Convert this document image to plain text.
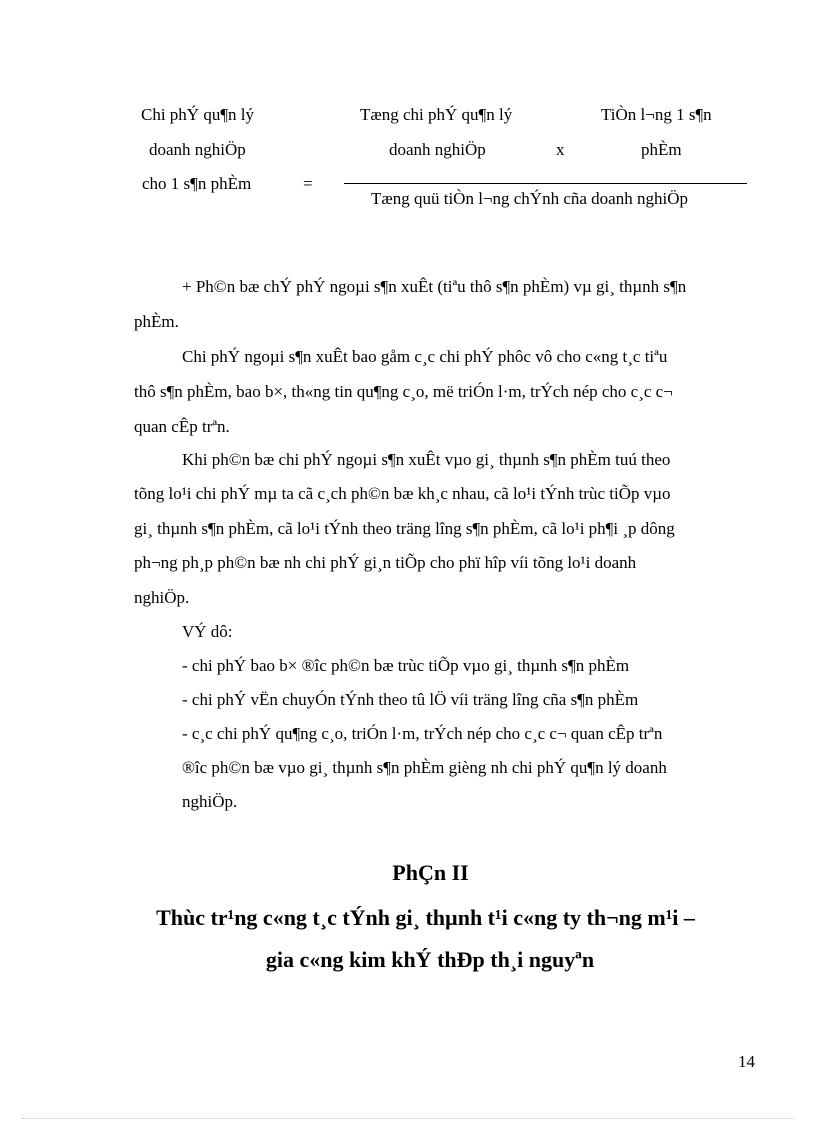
Chi phÝ qu¶n lý
doanh nghiÖp
cho 1 s¶n phÈm	=
Tæng chi phÝ qu¶n lý
doanh nghiÖp	x
TiÒn l¬ng 1 s¶n
phÈm
Tæng quü tiÒn l¬ng chÝnh cña doanh nghiÖp
+ Ph©n bæ chÝ phÝ ngoµi s¶n xuÊt (tiªu thô s¶n phÈm) vµ gi¸ thµnh s¶n
phÈm.
Chi phÝ ngoµi s¶n xuÊt bao gåm c¸c chi phÝ phôc vô cho c«ng t¸c tiªu
thô s¶n phÈm, bao b×, th«ng tin qu¶ng c¸o, më triÓn l·m, trÝch nép cho c¸c c¬
quan cÊp trªn.
Khi ph©n bæ chi phÝ ngoµi s¶n xuÊt vµo gi¸ thµnh s¶n phÈm tuú theo
tõng lo¹i chi phÝ mµ ta cã c¸ch ph©n bæ kh¸c nhau, cã lo¹i tÝnh trùc tiÕp vµo
gi¸ thµnh s¶n phÈm, cã lo¹i tÝnh theo träng lîng s¶n phÈm, cã lo¹i ph¶i ¸p dông
ph¬ng ph¸p ph©n bæ nh chi phÝ gi¸n tiÕp cho phï hîp víi tõng lo¹i doanh
nghiÖp.
VÝ dô:
- chi phÝ bao b× ®îc ph©n bæ trùc tiÕp vµo gi¸ thµnh s¶n phÈm
- chi phÝ vËn chuyÓn tÝnh theo tû lÖ víi träng lîng cña s¶n phÈm
- c¸c chi phÝ qu¶ng c¸o, triÓn l·m, trÝch nép cho c¸c c¬ quan cÊp trªn
®îc ph©n bæ vµo gi¸ thµnh s¶n phÈm gièng nh chi phÝ qu¶n lý doanh
nghiÖp.
PhÇn II
Thùc tr¹ng c«ng t¸c tÝnh gi¸ thµnh t¹i c«ng ty th¬ng m¹i –
gia c«ng kim khÝ thÐp th¸i nguyªn
14
